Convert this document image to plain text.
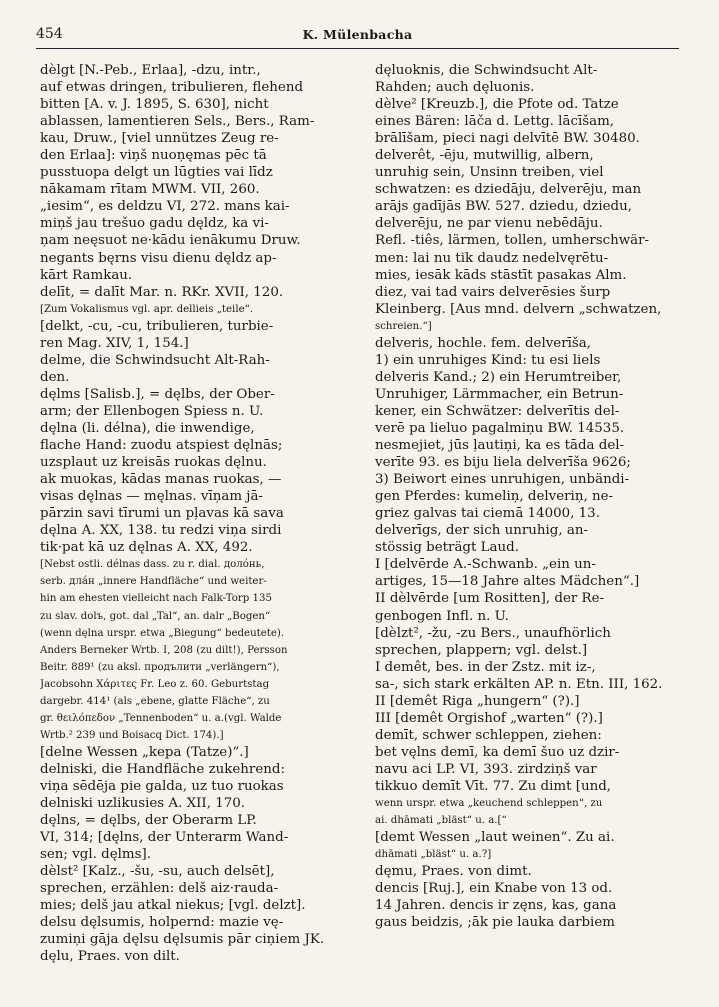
454	K. Mülenbacha
dèlgt [N.-Peb., Erlaa], -dzu, intr.,
auf etwas dringen, tribulieren, flehend
bitten [A. v. J. 1895, S. 630], nicht
ablassen, lamentieren Sels., Bers., Ram-
kau, Druw., [viel unnützes Zeug re-
den Erlaa]: viņš nuoņęmas pēc tā
pusstuopa delgt un lūgties vai līdz
nākamam rītam MWM. VII, 260.
„iesim“, es deldzu VI, 272. mans kai-
miņš jau trešuo gadu dęldz, ka vi-
ņam neęsuot ne·kādu ienākumu Druw.
negants bęrns visu dienu dęldz ap-
kārt Ramkau.
delīt, = dalīt Mar. n. RKr. XVII, 120.
[Zum Vokalismus vgl. apr. dellieis „teile“.
[delkt, -cu, -cu, tribulieren, turbie-
ren Mag. XIV, 1, 154.]
delme, die Schwindsucht Alt-Rah-
den.
dęlms [Salisb.], = dęlbs, der Ober-
arm; der Ellenbogen Spiess n. U.
dęlna (li. délna), die inwendige,
flache Hand: zuodu atspiest dęlnās;
uzsplaut uz kreisās ruokas dęlnu.
ak muokas, kādas manas ruokas, —
visas dęlnas — męlnas. vīņam jā-
pārzin savi tīrumi un pļavas kā sava
dęlna A. XX, 138. tu redzi viņa sirdi
tik·pat kā uz dęlnas A. XX, 492.
[Nebst ostli. délnas dass. zu r. dial. долóнь,
serb. длáн „innere Handfläche“ und weiter-
hin am ehesten vielleicht nach Falk-Torp 135
zu slav. dolъ, got. dal „Tal“, an. dalr „Bogen“
(wenn dęlna urspr. etwa „Biegung“ bedeutete).
Anders Berneker Wrtb. I, 208 (zu dilt!), Persson
Beitr. 889¹ (zu aksl. продълити „verlängern“),
Jacobsohn Χάριτες Fr. Leo z. 60. Geburtstag
dargebr. 414¹ (als „ebene, glatte Fläche“, zu
gr. θειλόπεδον „Tennenboden“ u. a.(vgl. Walde
Wrtb.² 239 und Boisacq Dict. 174).]
[delne Wessen „kepa (Tatze)“.]
delniski, die Handfläche zukehrend:
viņa sēdēja pie galda, uz tuo ruokas
delniski uzlikusies A. XII, 170.
dęlns, = dęlbs, der Oberarm LP.
VI, 314; [dęlns, der Unterarm Wand-
sen; vgl. dęlms].
dèlst² [Kalz., -šu, -su, auch delsēt],
sprechen, erzählen: delš aiz·rauda-
mies; delš jau atkal niekus; [vgl. delzt].
delsu dęlsumis, holpernd: mazie vę-
zumiņi gāja dęlsu dęlsumis pār ciņiem JK.
dęlu, Praes. von dilt.
dęluoknis, die Schwindsucht Alt-
Rahden; auch dęluonis.
dèlve² [Kreuzb.], die Pfote od. Tatze
eines Bären: lāča d. Lettg. lācīšam,
brālīšam, pieci nagi delvītē BW. 30480.
delverêt, -ēju, mutwillig, albern,
unruhig sein, Unsinn treiben, viel
schwatzen: es dziedāju, delverēju, man
arājs gadījās BW. 527. dziedu, dziedu,
delverēju, ne par vienu nebēdāju.
Refl. -tiês, lärmen, tollen, umherschwär-
men: lai nu tik daudz nedelvęrētu-
mies, iesāk kāds stāstīt pasakas Alm.
diez, vai tad vairs delverēsies šurp
Kleinberg. [Aus mnd. delvern „schwatzen,
schreien.“]
delveris, hochle. fem. delverīša,
1) ein unruhiges Kind: tu esi liels
delveris Kand.; 2) ein Herumtreiber,
Unruhiger, Lärmmacher, ein Betrun-
kener, ein Schwätzer: delverītis del-
verē pa lieluo pagalmiņu BW. 14535.
nesmejiet, jūs ļautiņi, ka es tāda del-
verīte 93. es biju liela delverīša 9626;
3) Beiwort eines unruhigen, unbändi-
gen Pferdes: kumeliņ, delveriņ, ne-
griez galvas tai ciemā 14000, 13.
delverīgs, der sich unruhig, an-
stössig beträgt Laud.
I [delvērde A.-Schwanb. „ein un-
artiges, 15—18 Jahre altes Mädchen“.]
II dèlvērde [um Rositten], der Re-
genbogen Infl. n. U.
[dèlzt², -žu, -zu Bers., unaufhörlich
sprechen, plappern; vgl. delst.]
I demêt, bes. in der Zstz. mit iz-,
sa-, sich stark erkälten AP. n. Etn. III, 162.
II [demêt Riga „hungern“ (?).]
III [demêt Orgishof „warten“ (?).]
demīt, schwer schleppen, ziehen:
bet vęlns demī, ka demī šuo uz dzir-
navu aci LP. VI, 393. zirdziņš var
tikkuo demīt Vīt. 77. Zu dimt [und,
wenn urspr. etwa „keuchend schleppen“, zu
ai. dhāmati „bläst“ u. a.[“
[demt Wessen „laut weinen“. Zu ai.
dhāmati „bläst“ u. a.?]
dęmu, Praes. von dimt.
dencis [Ruj.], ein Knabe von 13 od.
14 Jahren. dencis ir zęns, kas, gana
gaus beidzis, ;āk pie lauka darbiem
